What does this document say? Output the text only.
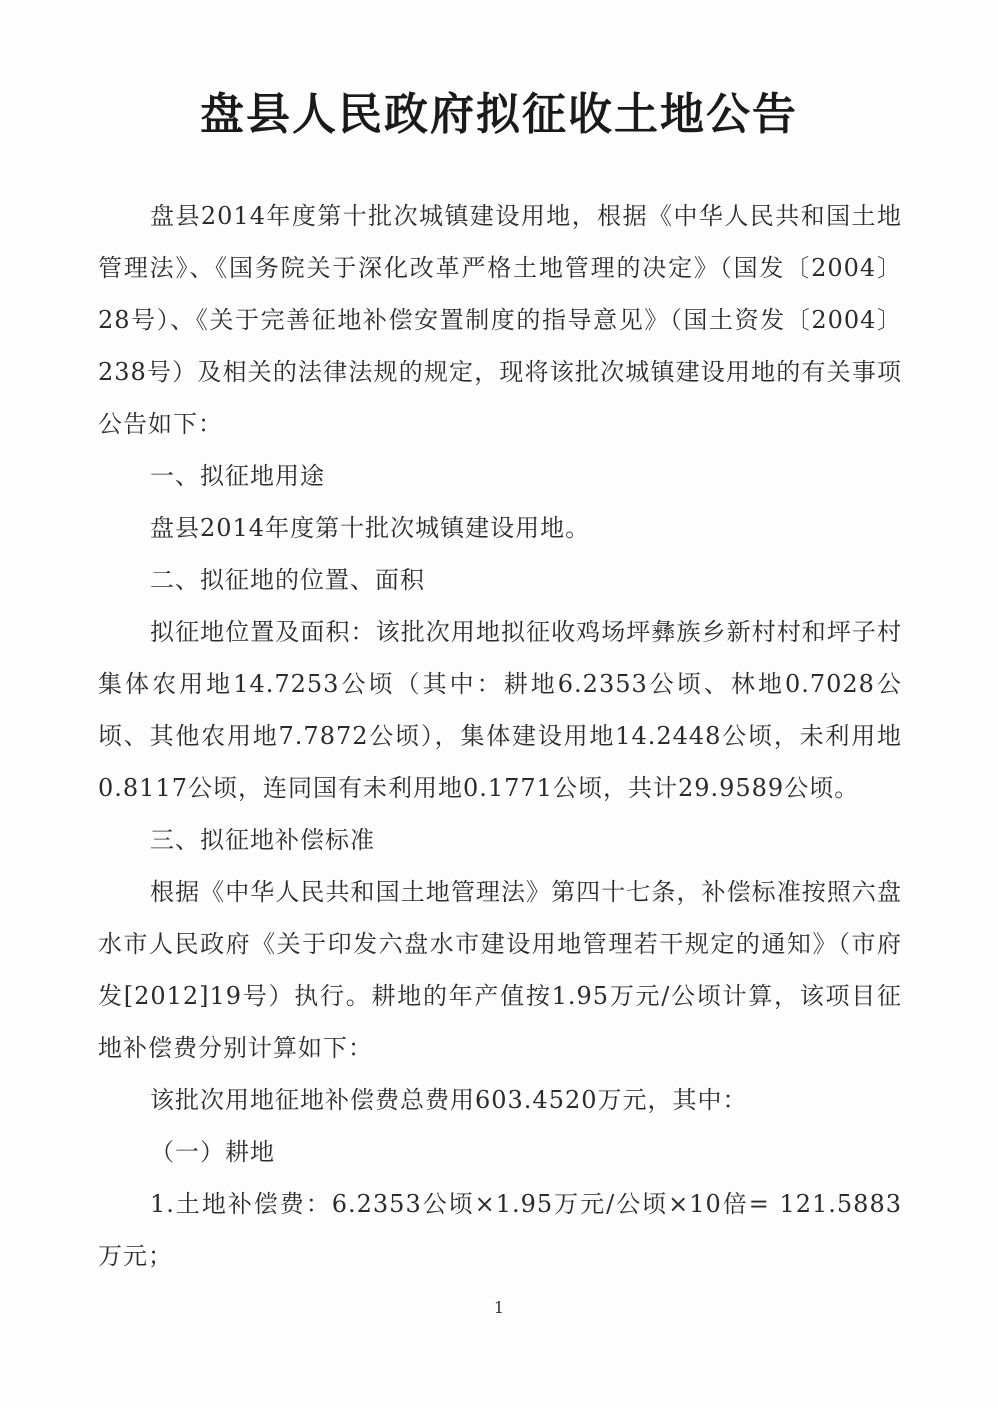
盘县人民政府拟征收土地公告

盘县2014年度第十批次城镇建设用地，根据《中华人民共和国土地管理法》、《国务院关于深化改革严格土地管理的决定》（国发〔2004〕28号）、《关于完善征地补偿安置制度的指导意见》（国土资发〔2004〕238号）及相关的法律法规的规定，现将该批次城镇建设用地的有关事项公告如下：

一、拟征地用途

盘县2014年度第十批次城镇建设用地。

二、拟征地的位置、面积

拟征地位置及面积：该批次用地拟征收鸡场坪彝族乡新村村和坪子村集体农用地14.7253公顷（其中：耕地6.2353公顷、林地0.7028公顷、其他农用地7.7872公顷），集体建设用地14.2448公顷，未利用地0.8117公顷，连同国有未利用地0.1771公顷，共计29.9589公顷。

三、拟征地补偿标准

根据《中华人民共和国土地管理法》第四十七条，补偿标准按照六盘水市人民政府《关于印发六盘水市建设用地管理若干规定的通知》（市府发[2012]19号）执行。耕地的年产值按1.95万元/公顷计算，该项目征地补偿费分别计算如下：

该批次用地征地补偿费总费用603.4520万元，其中：

（一）耕地

1.土地补偿费：6.2353公顷×1.95万元/公顷×10倍= 121.5883万元；

1
